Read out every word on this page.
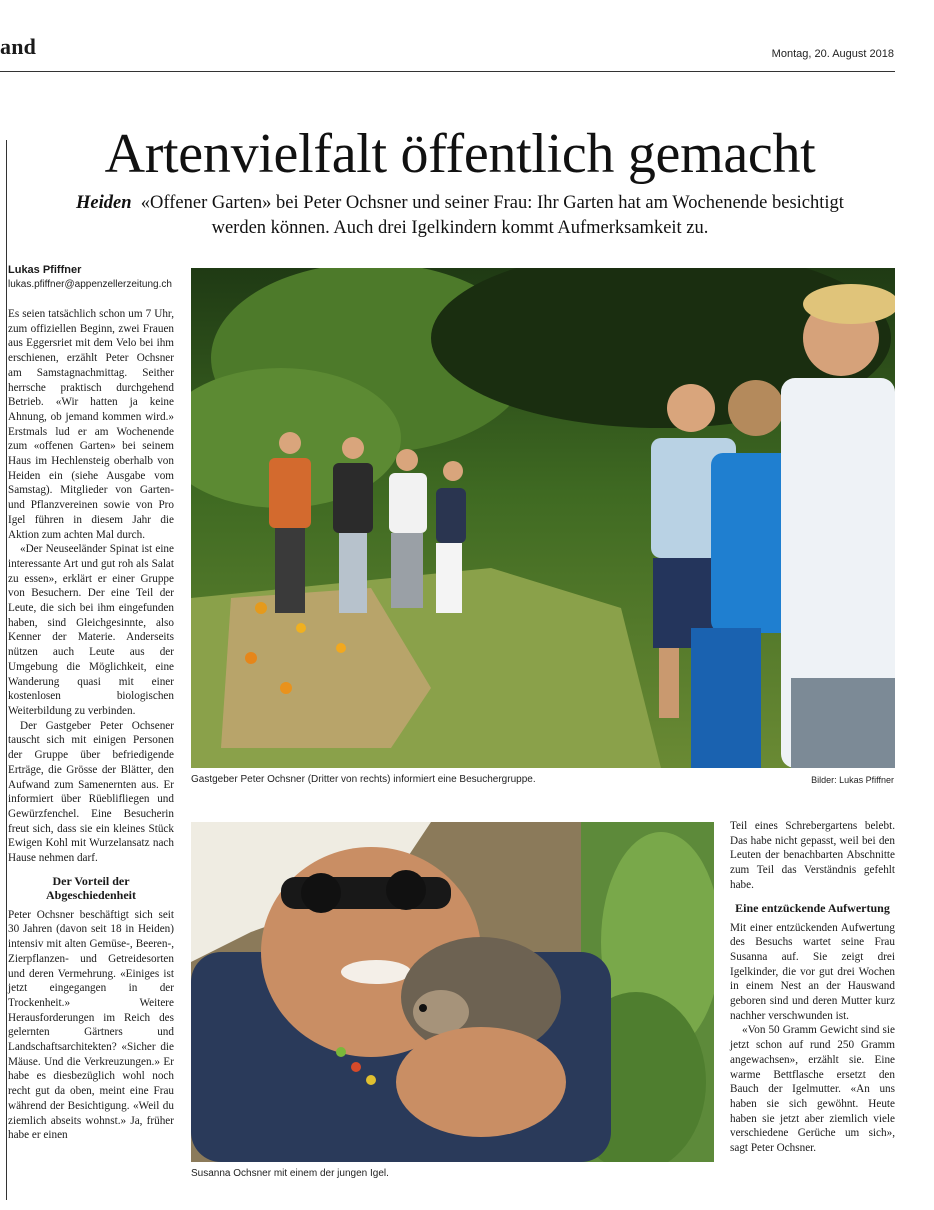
and	Montag, 20. August 2018
Artenvielfalt öffentlich gemacht
Heiden «Offener Garten» bei Peter Ochsner und seiner Frau: Ihr Garten hat am Wochenende besichtigt werden können. Auch drei Igelkindern kommt Aufmerksamkeit zu.
Lukas Pfiffner
lukas.pfiffner@appenzellerzeitung.ch

Es seien tatsächlich schon um 7 Uhr, zum offiziellen Beginn, zwei Frauen aus Eggersriet mit dem Velo bei ihm erschienen, erzählt Peter Ochsner am Samstagnachmittag. Seither herrsche praktisch durchgehend Betrieb. «Wir hatten ja keine Ahnung, ob jemand kommen wird.» Erstmals lud er am Wochenende zum «offenen Garten» bei seinem Haus im Hechlensteig oberhalb von Heiden ein (siehe Ausgabe vom Samstag). Mitglieder von Garten- und Pflanzvereinen sowie von Pro Igel führen in diesem Jahr die Aktion zum achten Mal durch.

«Der Neuseeländer Spinat ist eine interessante Art und gut roh als Salat zu essen», erklärt er einer Gruppe von Besuchern. Der eine Teil der Leute, die sich bei ihm eingefunden haben, sind Gleichgesinnte, also Kenner der Materie. Anderseits nützen auch Leute aus der Umgebung die Möglichkeit, eine Wanderung quasi mit einer kostenlosen biologischen Weiterbildung zu verbinden.

Der Gastgeber Peter Ochsener tauscht sich mit einigen Personen der Gruppe über befriedigende Erträge, die Grösse der Blätter, den Aufwand zum Samenernten aus. Er informiert über Rüeblifliegen und Gewürzfenchel. Eine Besucherin freut sich, dass sie ein kleines Stück Ewigen Kohl mit Wurzelansatz nach Hause nehmen darf.

Der Vorteil der Abgeschiedenheit

Peter Ochsner beschäftigt sich seit 30 Jahren (davon seit 18 in Heiden) intensiv mit alten Gemüse-, Beeren-, Zierpflanzen- und Getreidesorten und deren Vermehrung. «Einiges ist jetzt eingegangen in der Trockenheit.» Weitere Herausforderungen im Reich des gelernten Gärtners und Landschaftsarchitekten? «Sicher die Mäuse. Und die Verkreuzungen.» Er habe es diesbezüglich wohl noch recht gut da oben, meint eine Frau während der Besichtigung. «Weil du ziemlich abseits wohnst.» Ja, früher habe er einen

Gastgeber Peter Ochsner (Dritter von rechts) informiert eine Besuchergruppe.	Bilder: Lukas Pfiffner
Susanna Ochsner mit einem der jungen Igel.

Teil eines Schrebergartens belebt. Das habe nicht gepasst, weil bei den Leuten der benachbarten Abschnitte zum Teil das Verständnis gefehlt habe.

Eine entzückende Aufwertung

Mit einer entzückenden Aufwertung des Besuchs wartet seine Frau Susanna auf. Sie zeigt drei Igelkinder, die vor gut drei Wochen in einem Nest an der Hauswand geboren sind und deren Mutter kurz nachher verschwunden ist.

«Von 50 Gramm Gewicht sind sie jetzt schon auf rund 250 Gramm angewachsen», erzählt sie. Eine warme Bettflasche ersetzt den Bauch der Igelmutter. «An uns haben sie sich gewöhnt. Heute haben sie jetzt aber ziemlich viele verschiedene Gerüche um sich», sagt Peter Ochsner.
